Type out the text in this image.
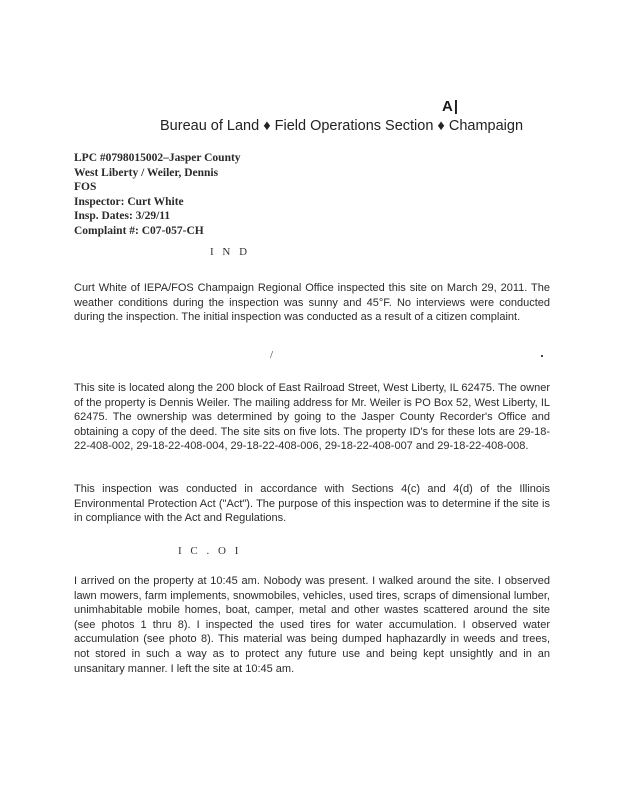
A|
Bureau of Land ♦ Field Operations Section ♦ Champaign
LPC #0798015002–Jasper County
West Liberty / Weiler, Dennis
FOS
Inspector: Curt White
Insp. Dates: 3/29/11
Complaint #: C07-057-CH
I N D
Curt White of IEPA/FOS Champaign Regional Office inspected this site on March 29, 2011. The weather conditions during the inspection was sunny and 45°F. No interviews were conducted during the inspection. The initial inspection was conducted as a result of a citizen complaint.
/
This site is located along the 200 block of East Railroad Street, West Liberty, IL 62475. The owner of the property is Dennis Weiler. The mailing address for Mr. Weiler is PO Box 52, West Liberty, IL 62475. The ownership was determined by going to the Jasper County Recorder's Office and obtaining a copy of the deed. The site sits on five lots. The property ID's for these lots are 29-18-22-408-002, 29-18-22-408-004, 29-18-22-408-006, 29-18-22-408-007 and 29-18-22-408-008.
This inspection was conducted in accordance with Sections 4(c) and 4(d) of the Illinois Environmental Protection Act ("Act"). The purpose of this inspection was to determine if the site is in compliance with the Act and Regulations.
I C . O I
I arrived on the property at 10:45 am. Nobody was present. I walked around the site. I observed lawn mowers, farm implements, snowmobiles, vehicles, used tires, scraps of dimensional lumber, unimhabitable mobile homes, boat, camper, metal and other wastes scattered around the site (see photos 1 thru 8). I inspected the used tires for water accumulation. I observed water accumulation (see photo 8). This material was being dumped haphazardly in weeds and trees, not stored in such a way as to protect any future use and being kept unsightly and in an unsanitary manner. I left the site at 10:45 am.
